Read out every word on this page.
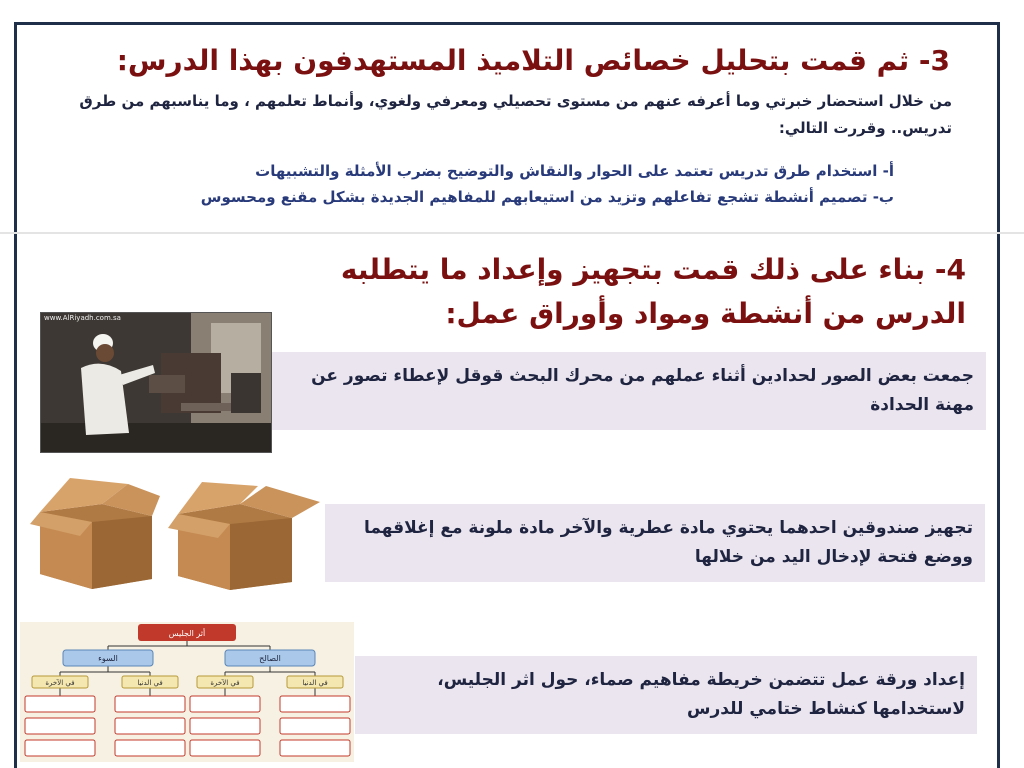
3- ثم قمت بتحليل خصائص التلاميذ المستهدفون بهذا الدرس:
من خلال استحضار خبرتي وما أعرفه عنهم من مستوى تحصيلي ومعرفي ولغوي، وأنماط تعلمهم ، وما يناسبهم من طرق تدريس.. وقررت التالي:
أ- استخدام طرق تدريس تعتمد على الحوار والنقاش والتوضيح بضرب الأمثلة والتشبيهات
ب- تصميم أنشطة تشجع تفاعلهم وتزيد من استيعابهم للمفاهيم الجديدة بشكل مقنع ومحسوس
4- بناء على ذلك قمت بتجهيز وإعداد ما يتطلبه الدرس من أنشطة ومواد وأوراق عمل:
www.AlRiyadh.com.sa
جمعت بعض الصور لحدادين أثناء عملهم من محرك البحث قوقل لإعطاء تصور عن مهنة الحدادة
تجهيز صندوقين احدهما يحتوي مادة عطرية والآخر مادة ملونة مع إغلاقهما ووضع فتحة لإدخال اليد من خلالها
أثر الجليس
السوء	الصالح
في الآخرة	في الدنيا	في الآخرة	في الدنيا	إعداد ورقة عمل تتضمن خريطة مفاهيم صماء، حول اثر الجليس، لاستخدامها كنشاط ختامي للدرس
